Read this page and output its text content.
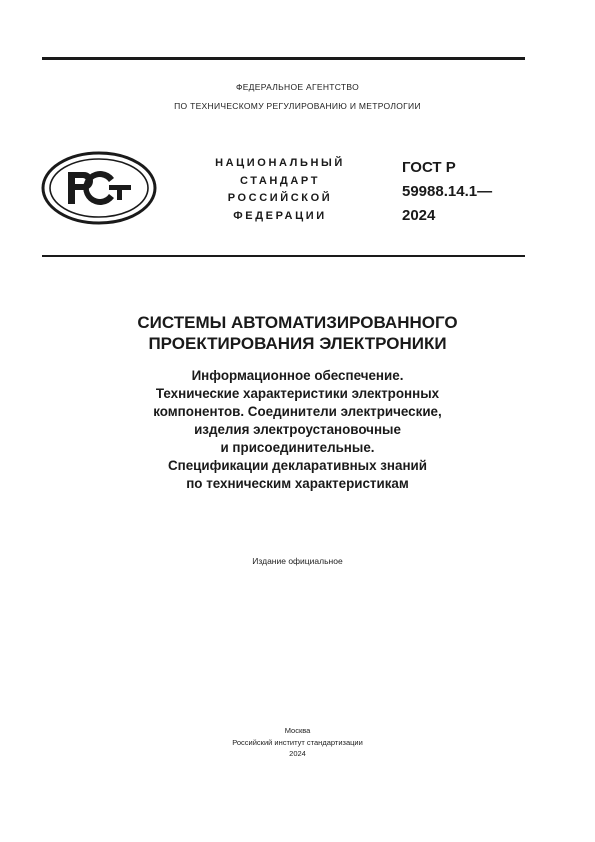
ФЕДЕРАЛЬНОЕ АГЕНТСТВО
ПО ТЕХНИЧЕСКОМУ РЕГУЛИРОВАНИЮ И МЕТРОЛОГИИ
НАЦИОНАЛЬНЫЙ
СТАНДАРТ
РОССИЙСКОЙ
ФЕДЕРАЦИИ
ГОСТ Р
59988.14.1—
2024
СИСТЕМЫ АВТОМАТИЗИРОВАННОГО
ПРОЕКТИРОВАНИЯ ЭЛЕКТРОНИКИ
Информационное обеспечение.
Технические характеристики электронных
компонентов. Соединители электрические,
изделия электроустановочные
и присоединительные.
Спецификации декларативных знаний
по техническим характеристикам
Издание официальное
Москва
Российский институт стандартизации
2024
